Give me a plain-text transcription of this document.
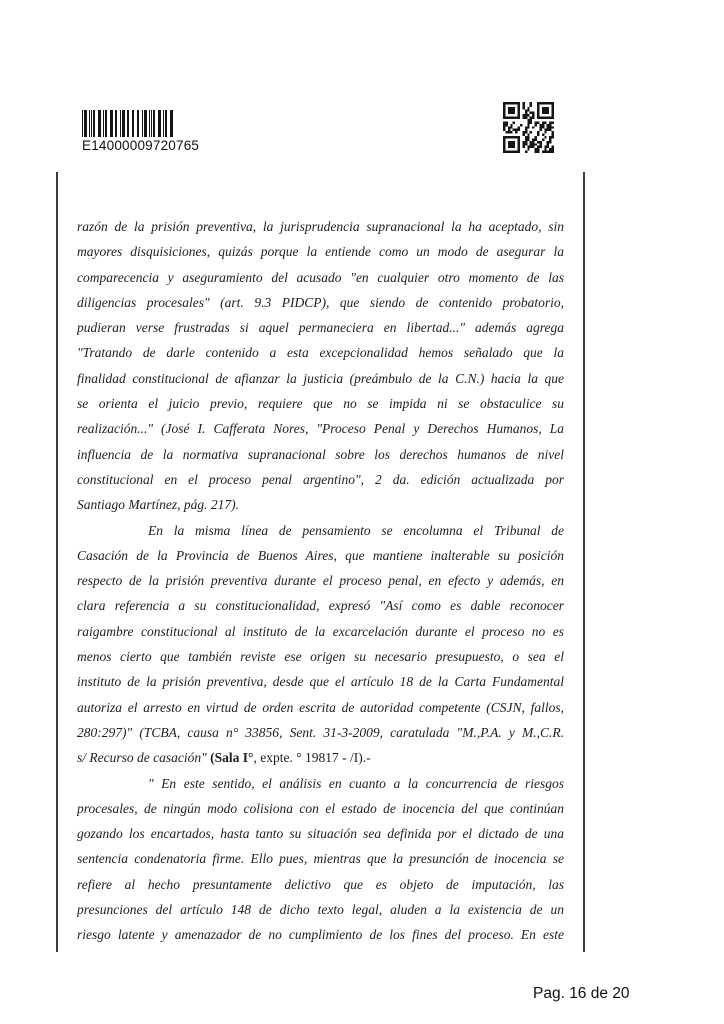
E14000009720765
razón de la prisión preventiva, la jurisprudencia supranacional la ha aceptado, sin
mayores disquisiciones, quizás porque la entiende como un modo de asegurar la
comparecencia y aseguramiento del acusado "en cualquier otro momento de las
diligencias procesales" (art. 9.3 PIDCP), que siendo de contenido probatorio,
pudieran verse frustradas si aquel permaneciera en libertad..." además agrega
"Tratando de darle contenido a esta excepcionalidad hemos señalado que la
finalidad constitucional de afianzar la justicia (preámbulo de la C.N.) hacia la que
se orienta el juicio previo, requiere que no se impida ni se obstaculice su
realización..." (José I. Cafferata Nores, "Proceso Penal y Derechos Humanos, La
influencia de la normativa supranacional sobre los derechos humanos de nivel
constitucional en el proceso penal argentino", 2 da. edición actualizada por
Santiago Martínez, pág. 217).
En la misma línea de pensamiento se encolumna el Tribunal de
Casación de la Provincia de Buenos Aires, que mantiene inalterable su posición
respecto de la prisión preventiva durante el proceso penal, en efecto y además, en
clara referencia a su constitucionalidad, expresó "Así como es dable reconocer
raigambre constitucional al instituto de la excarcelación durante el proceso no es
menos cierto que también reviste ese origen su necesario presupuesto, o sea el
instituto de la prisión preventiva, desde que el artículo 18 de la Carta Fundamental
autoriza el arresto en virtud de orden escrita de autoridad competente (CSJN, fallos,
280:297)" (TCBA, causa n° 33856, Sent. 31-3-2009, caratulada "M.,P.A. y M.,C.R.
s/ Recurso de casación" (Sala I°, expte. ° 19817 - /I).-
" En este sentido, el análisis en cuanto a la concurrencia de riesgos
procesales, de ningún modo colisiona con el estado de inocencia del que continúan
gozando los encartados, hasta tanto su situación sea definida por el dictado de una
sentencia condenatoria firme. Ello pues, mientras que la presunción de inocencia se
refiere al hecho presuntamente delictivo que es objeto de imputación, las
presunciones del artículo 148 de dicho texto legal, aluden a la existencia de un
riesgo latente y amenazador de no cumplimiento de los fines del proceso. En este
Pag. 16 de 20
